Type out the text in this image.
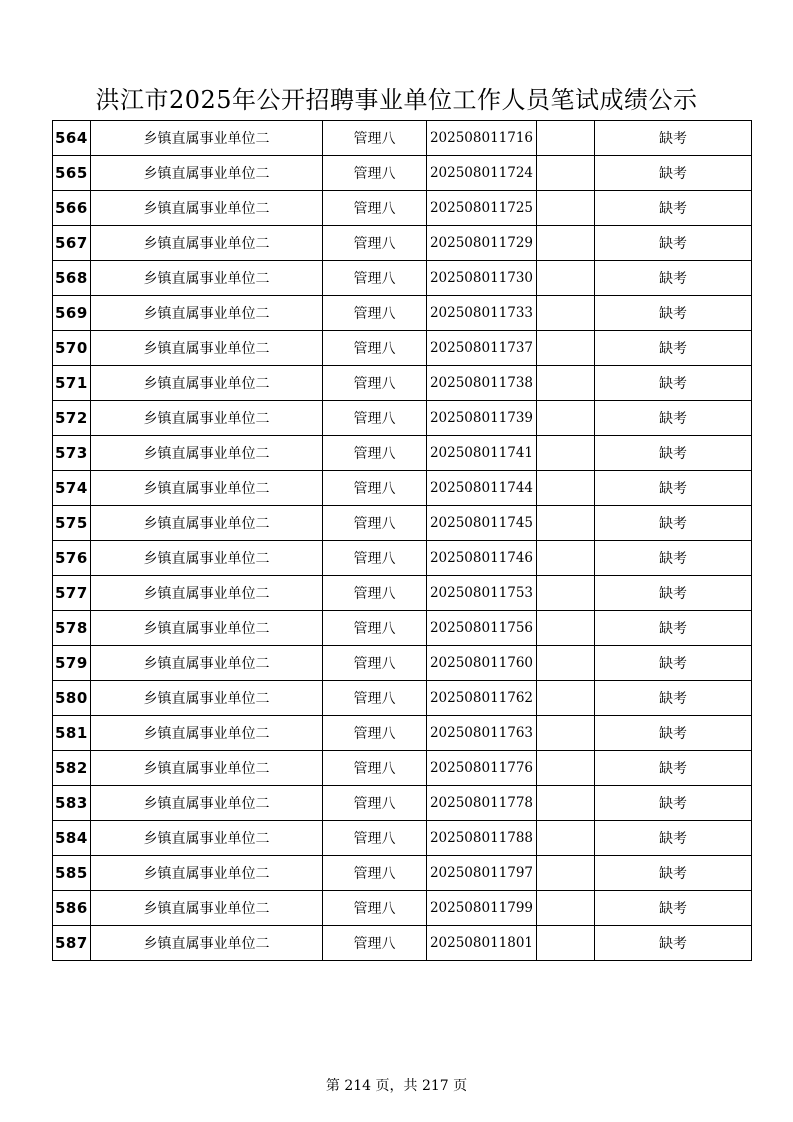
洪江市2025年公开招聘事业单位工作人员笔试成绩公示
564	乡镇直属事业单位二	管理八	202508011716		缺考
565	乡镇直属事业单位二	管理八	202508011724		缺考
566	乡镇直属事业单位二	管理八	202508011725		缺考
567	乡镇直属事业单位二	管理八	202508011729		缺考
568	乡镇直属事业单位二	管理八	202508011730		缺考
569	乡镇直属事业单位二	管理八	202508011733		缺考
570	乡镇直属事业单位二	管理八	202508011737		缺考
571	乡镇直属事业单位二	管理八	202508011738		缺考
572	乡镇直属事业单位二	管理八	202508011739		缺考
573	乡镇直属事业单位二	管理八	202508011741		缺考
574	乡镇直属事业单位二	管理八	202508011744		缺考
575	乡镇直属事业单位二	管理八	202508011745		缺考
576	乡镇直属事业单位二	管理八	202508011746		缺考
577	乡镇直属事业单位二	管理八	202508011753		缺考
578	乡镇直属事业单位二	管理八	202508011756		缺考
579	乡镇直属事业单位二	管理八	202508011760		缺考
580	乡镇直属事业单位二	管理八	202508011762		缺考
581	乡镇直属事业单位二	管理八	202508011763		缺考
582	乡镇直属事业单位二	管理八	202508011776		缺考
583	乡镇直属事业单位二	管理八	202508011778		缺考
584	乡镇直属事业单位二	管理八	202508011788		缺考
585	乡镇直属事业单位二	管理八	202508011797		缺考
586	乡镇直属事业单位二	管理八	202508011799		缺考
587	乡镇直属事业单位二	管理八	202508011801		缺考
第 214 页，共 217 页
